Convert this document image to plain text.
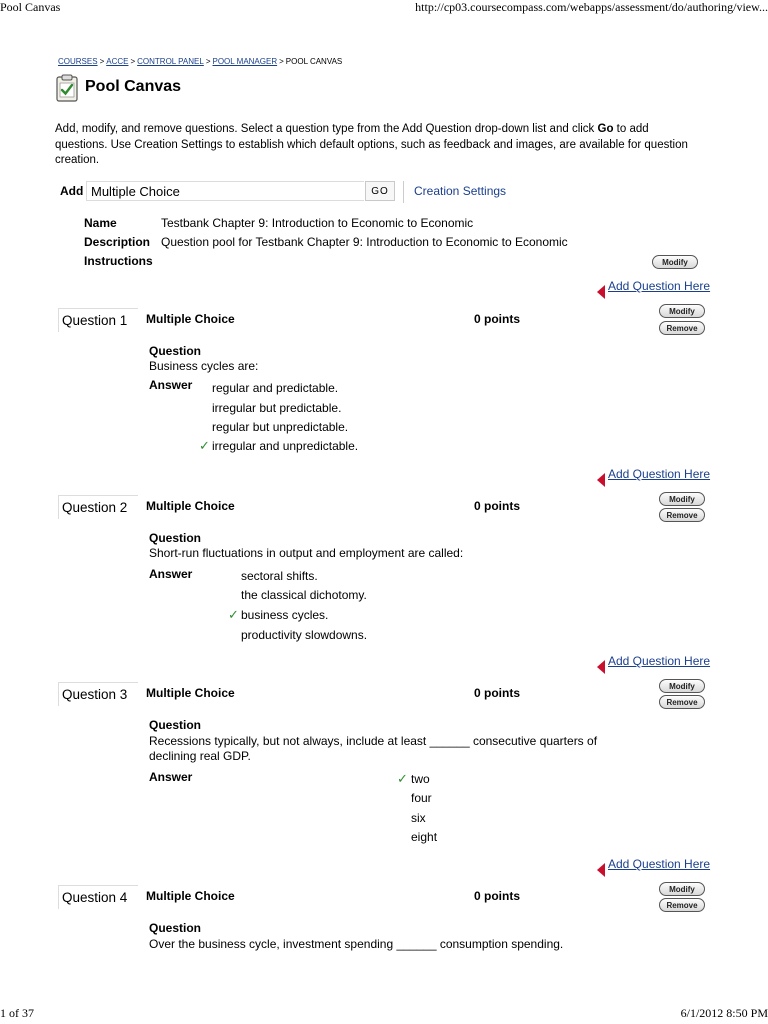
Pool Canvas	http://cp03.coursecompass.com/webapps/assessment/do/authoring/view...
COURSES > ACCE > CONTROL PANEL > POOL MANAGER > POOL CANVAS
Pool Canvas
Add, modify, and remove questions. Select a question type from the Add Question drop-down list and click Go to add questions. Use Creation Settings to establish which default options, such as feedback and images, are available for question creation.
Add Multiple Choice	GO	Creation Settings
Name	Testbank Chapter 9: Introduction to Economic to Economic
Description Question pool for Testbank Chapter 9: Introduction to Economic to Economic
Instructions	Modify
Add Question Here
Question 1	Multiple Choice	0 points
Modify
Remove
Question
Business cycles are:
Answer regular and predictable.
irregular but predictable.
regular but unpredictable.
✓ irregular and unpredictable.
Add Question Here
Question 2	Multiple Choice	0 points	Modify
Remove
Question
Short-run fluctuations in output and employment are called:
Answer	sectoral shifts.
the classical dichotomy.
✓ business cycles.
productivity slowdowns.
Add Question Here
Question 3	Multiple Choice	0 points	Modify
Remove
Question
Recessions typically, but not always, include at least ______ consecutive quarters of declining real GDP.
Answer	✓ two
four
six
eight
Add Question Here
Question 4	Multiple Choice	0 points	Modify
Remove
Question
Over the business cycle, investment spending ______ consumption spending.
1 of 37	6/1/2012 8:50 PM
